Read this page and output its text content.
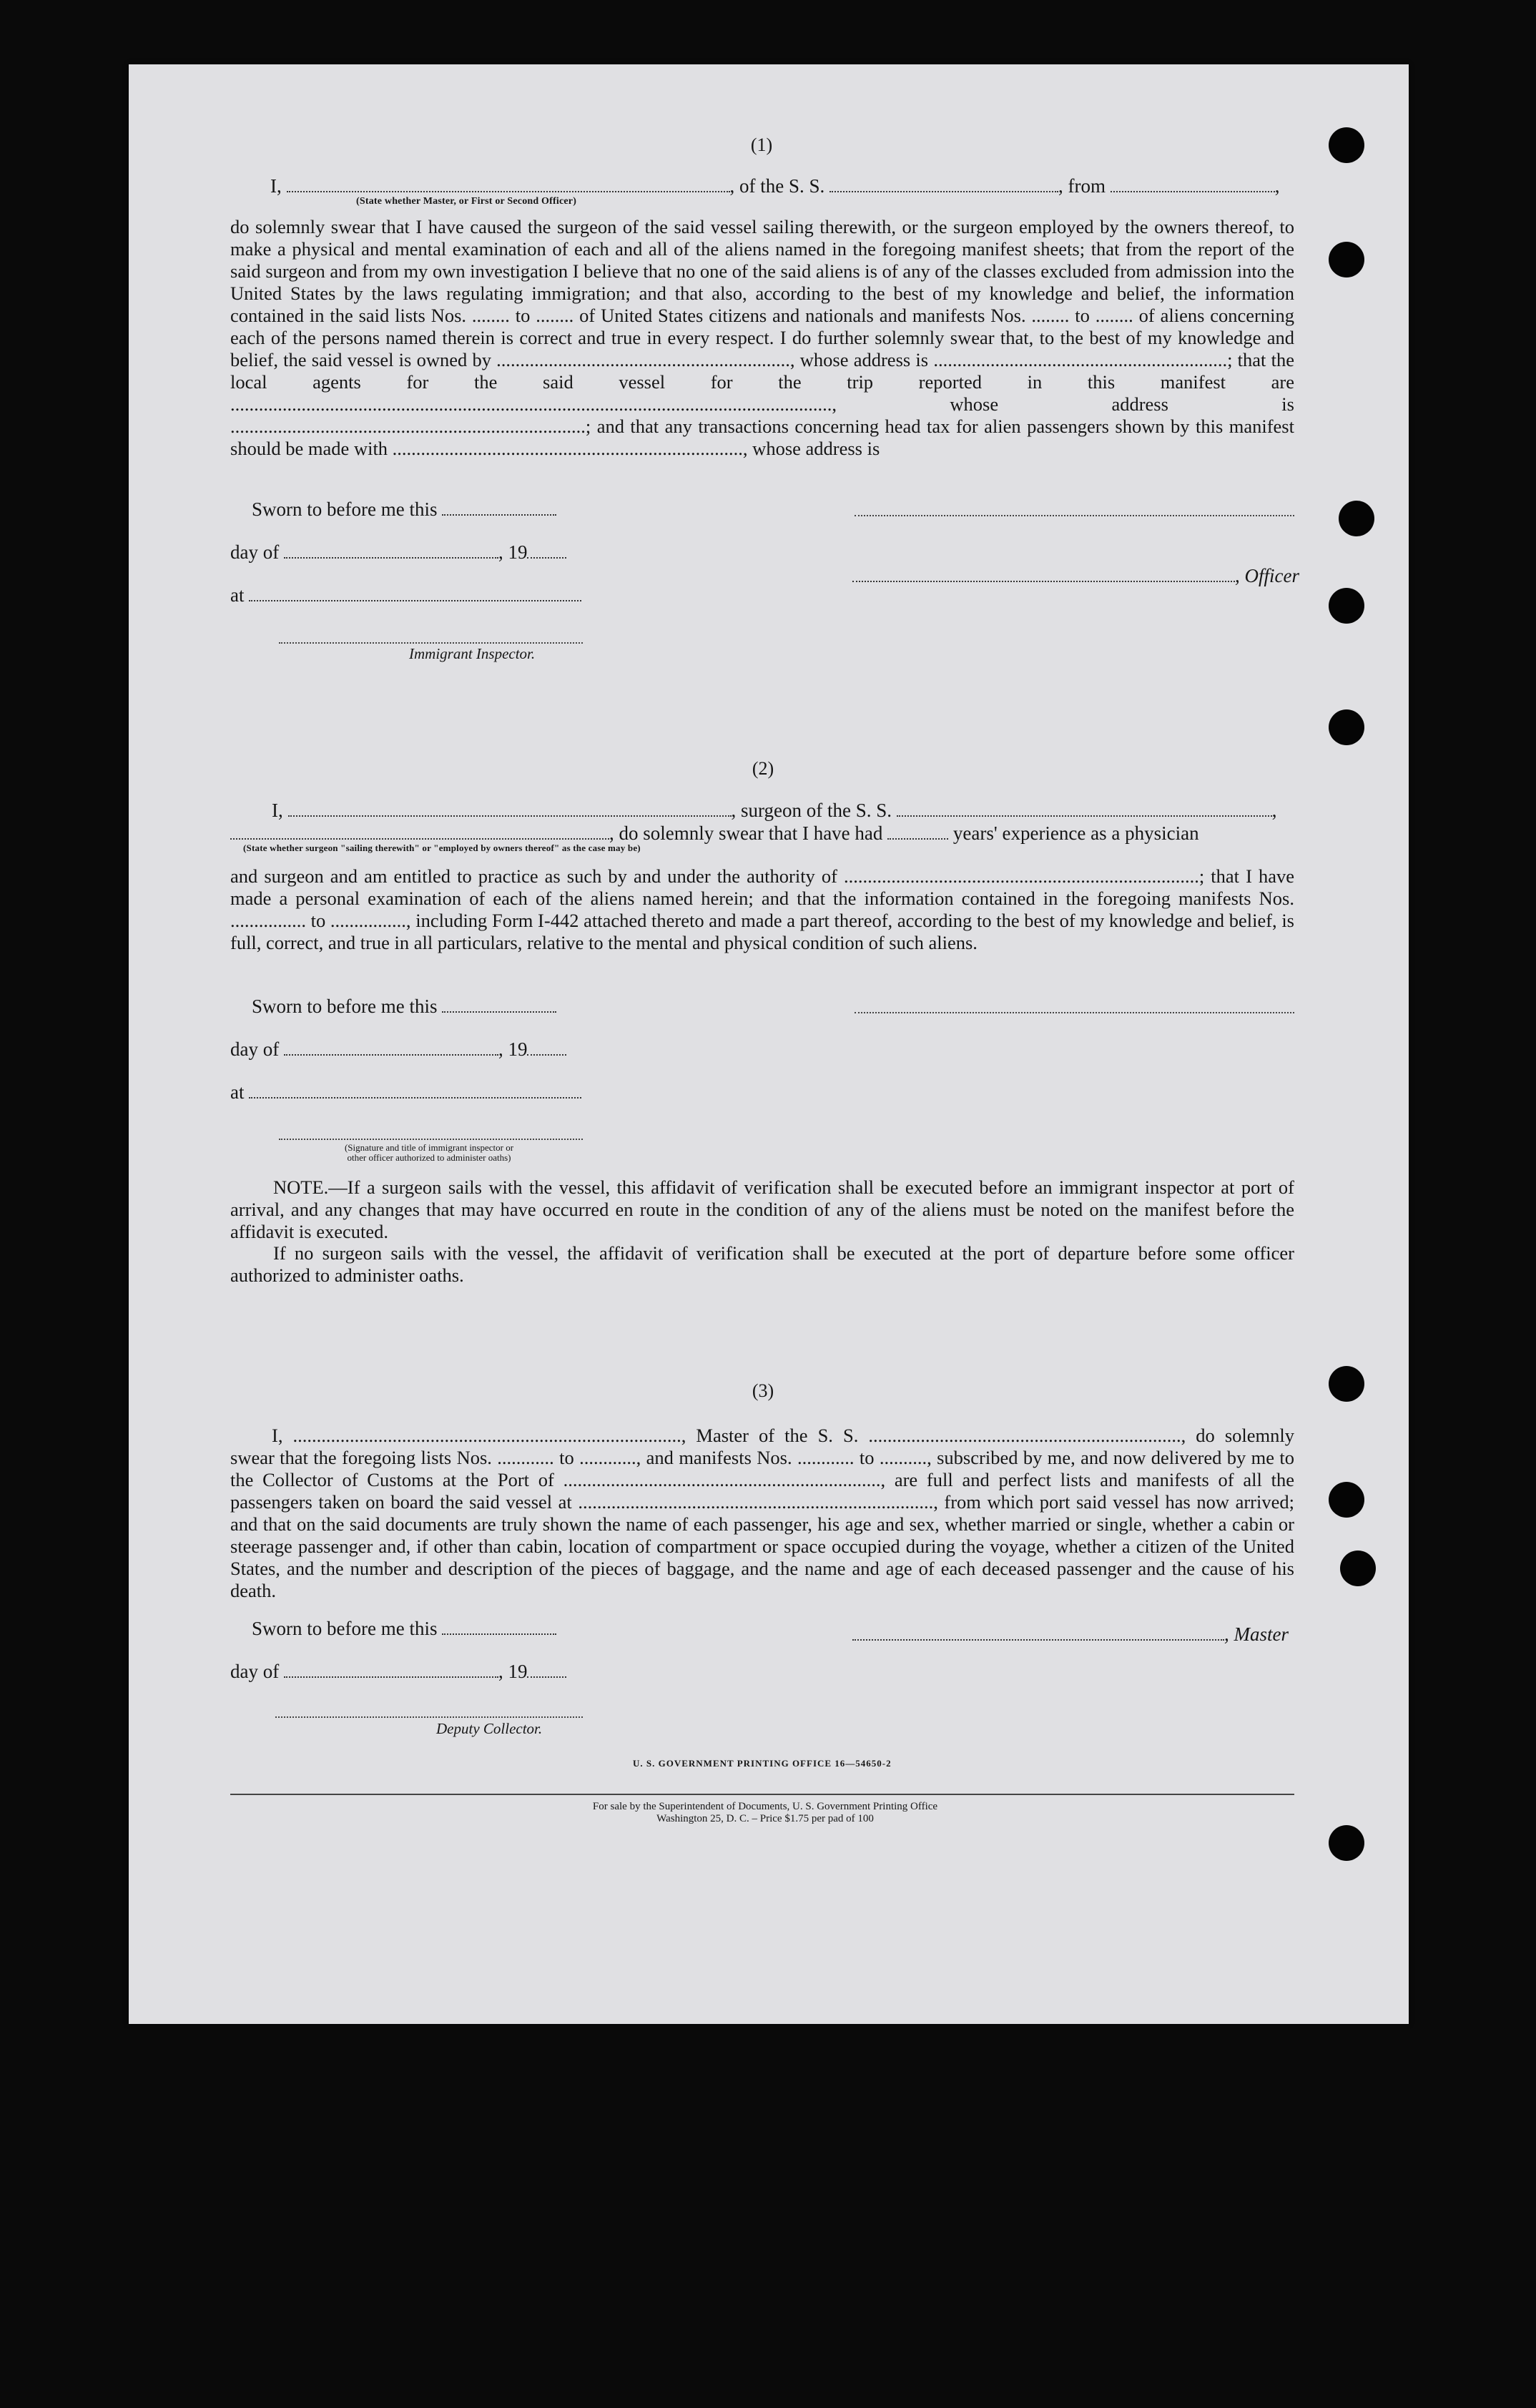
(1)
I,	, of the S. S.	, from	,
(State whether Master, or First or Second Officer)

do solemnly swear that I have caused the surgeon of the said vessel sailing therewith, or the surgeon employed by the owners thereof, to make a physical and mental examination of each and all of the aliens named in the foregoing manifest sheets; that from the report of the said surgeon and from my own investigation I believe that no one of the said aliens is of any of the classes excluded from admission into the United States by the laws regulating immigration; and that also, according to the best of my knowledge and belief, the information contained in the said lists Nos. ........ to ........ of United States citizens and nationals and manifests Nos. ........ to ........ of aliens concerning each of the persons named therein is correct and true in every respect. I do further solemnly swear that, to the best of my knowledge and belief, the said vessel is owned by .............................................................., whose address is ..............................................................; that the local agents for the said vessel for the trip reported in this manifest are ..............................................................................................................................., whose address is ...........................................................................; and that any transactions concerning head tax for alien passengers shown by this manifest should be made with .........................................................................., whose address is

Sworn to before me this
day of	, 19
, Officer
at
Immigrant Inspector.
(2)
I,	, surgeon of the S. S.	,
, do solemnly swear that I have had	years' experience as a physician
(State whether surgeon "sailing therewith" or "employed by owners thereof" as the case may be)

and surgeon and am entitled to practice as such by and under the authority of ...........................................................................; that I have made a personal examination of each of the aliens named herein; and that the information contained in the foregoing manifests Nos. ................ to ................, including Form I-442 attached thereto and made a part thereof, according to the best of my knowledge and belief, is full, correct, and true in all particulars, relative to the mental and physical condition of such aliens.

Sworn to before me this
day of	, 19
at
(Signature and title of immigrant inspector or
other officer authorized to administer oaths)
NOTE.—If a surgeon sails with the vessel, this affidavit of verification shall be executed before an immigrant inspector at port of arrival, and any changes that may have occurred en route in the condition of any of the aliens must be noted on the manifest before the affidavit is executed.
If no surgeon sails with the vessel, the affidavit of verification shall be executed at the port of departure before some officer authorized to administer oaths.
(3)

I, .................................................................................., Master of the S. S. .................................................................., do solemnly swear that the foregoing lists Nos. ............ to ............, and manifests Nos. ............ to .........., subscribed by me, and now delivered by me to the Collector of Customs at the Port of ..................................................................., are full and perfect lists and manifests of all the passengers taken on board the said vessel at ..........................................................................., from which port said vessel has now arrived; and that on the said documents are truly shown the name of each passenger, his age and sex, whether married or single, whether a cabin or steerage passenger and, if other than cabin, location of compartment or space occupied during the voyage, whether a citizen of the United States, and the number and description of the pieces of baggage, and the name and age of each deceased passenger and the cause of his death.

Sworn to before me this	, Master
day of	, 19
Deputy Collector.
U. S. GOVERNMENT PRINTING OFFICE 16—54650-2
For sale by the Superintendent of Documents, U. S. Government Printing Office
Washington 25, D. C. – Price $1.75 per pad of 100
